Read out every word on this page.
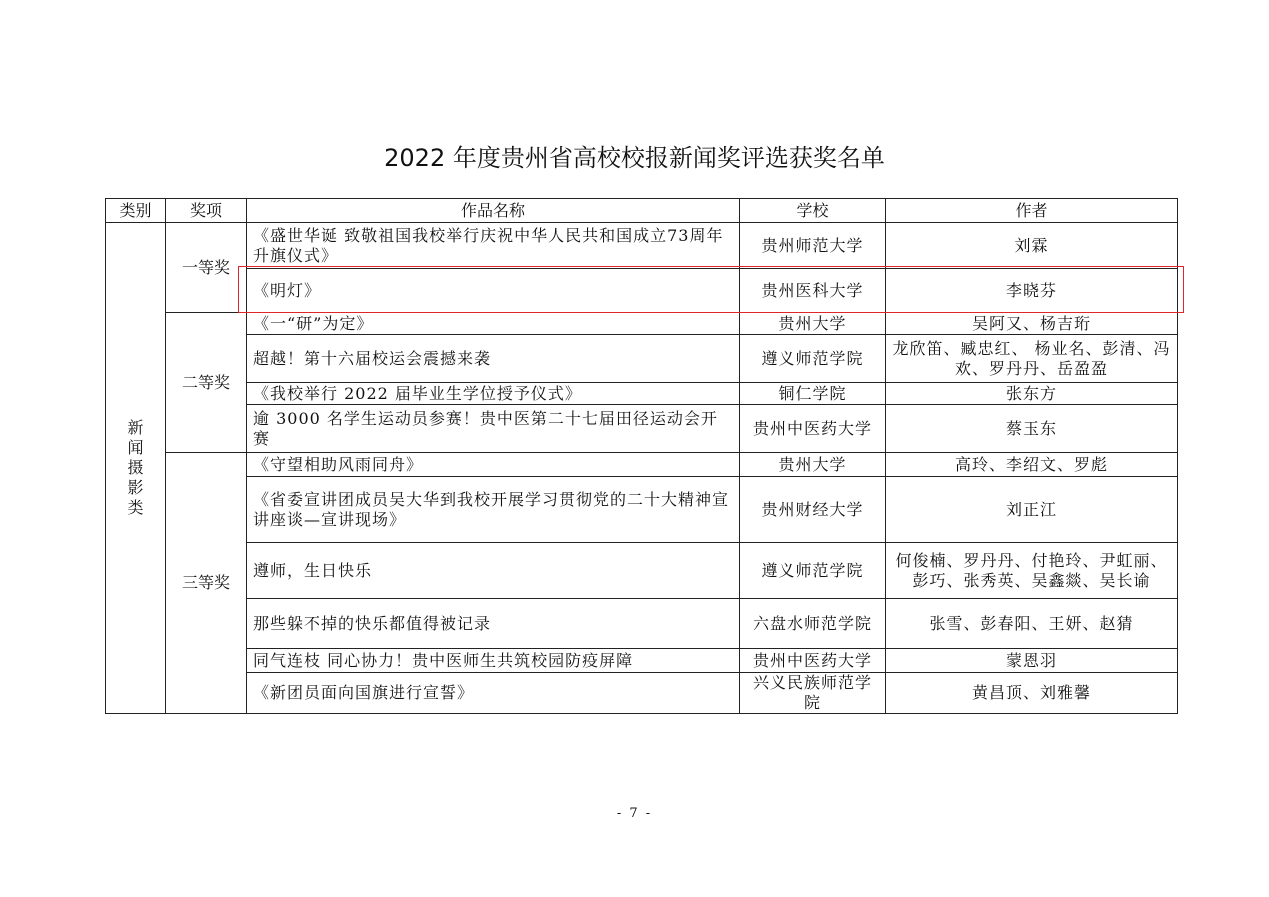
2022 年度贵州省高校校报新闻奖评选获奖名单
类别	奖项	作品名称	学校	作者
新闻摄影类	一等奖	《盛世华诞 致敬祖国我校举行庆祝中华人民共和国成立73周年升旗仪式》	贵州师范大学	刘霖
		《明灯》	贵州医科大学	李晓芬
	二等奖	《一“研”为定》	贵州大学	吴阿又、杨吉珩
		超越！第十六届校运会震撼来袭	遵义师范学院	龙欣笛、臧忠红、 杨业名、彭清、冯欢、罗丹丹、岳盈盈
		《我校举行 2022 届毕业生学位授予仪式》	铜仁学院	张东方
		逾 3000 名学生运动员参赛！贵中医第二十七届田径运动会开赛	贵州中医药大学	蔡玉东
	三等奖	《守望相助风雨同舟》	贵州大学	高玲、李绍文、罗彪
		《省委宣讲团成员吴大华到我校开展学习贯彻党的二十大精神宣讲座谈—宣讲现场》	贵州财经大学	刘正江
		遵师，生日快乐	遵义师范学院	何俊楠、罗丹丹、付艳玲、尹虹丽、彭巧、张秀英、吴鑫燚、吴长谕
		那些躲不掉的快乐都值得被记录	六盘水师范学院	张雪、彭春阳、王妍、赵猜
		同气连枝 同心协力！贵中医师生共筑校园防疫屏障	贵州中医药大学	蒙恩羽
		《新团员面向国旗进行宣誓》	兴义民族师范学院	黄昌顶、刘雅馨
- 7 -
